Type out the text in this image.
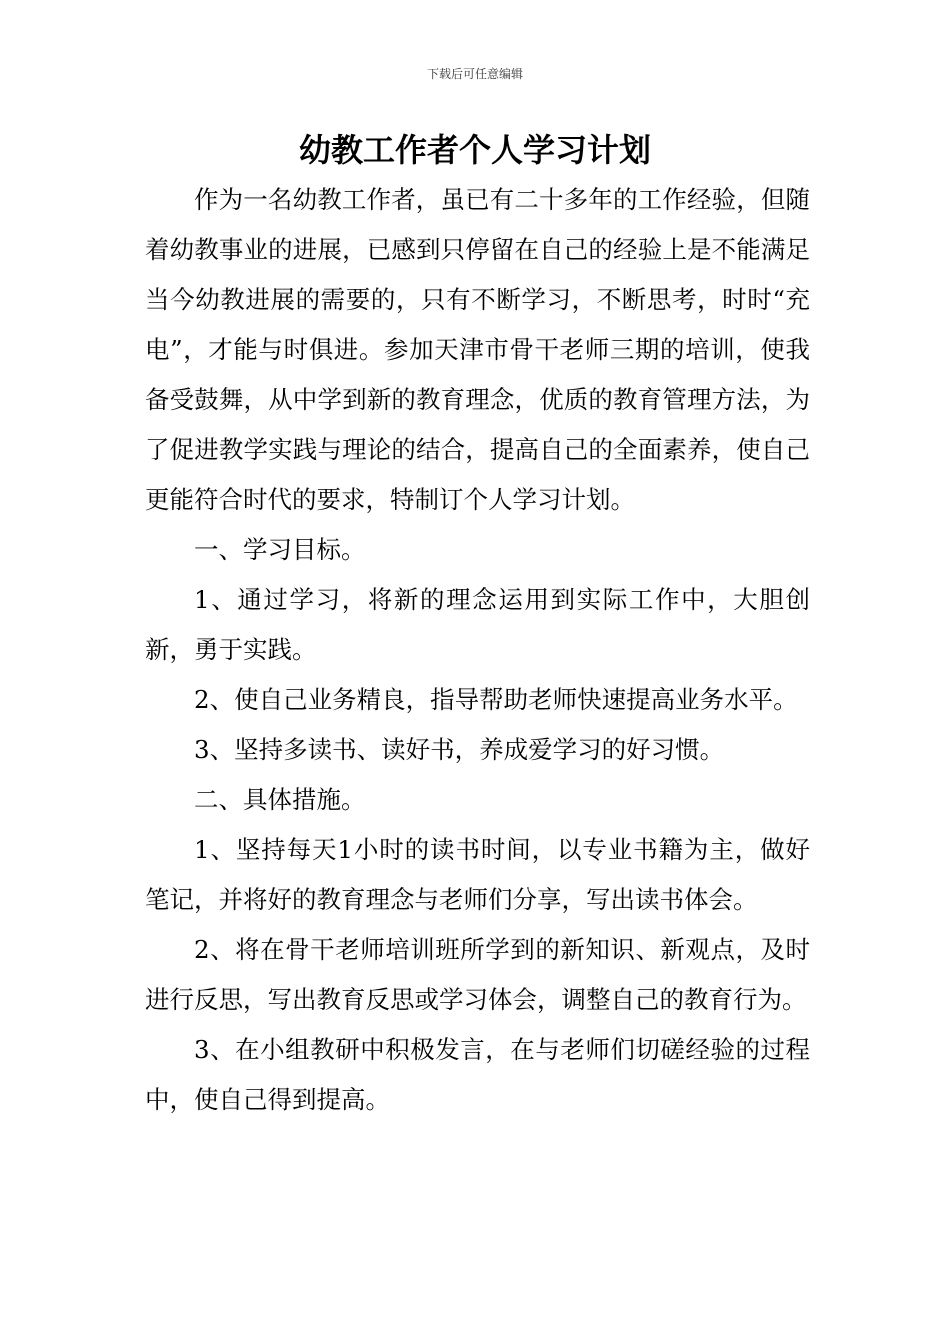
下载后可任意编辑
幼教工作者个人学习计划

作为一名幼教工作者，虽已有二十多年的工作经验，但随着幼教事业的进展，已感到只停留在自己的经验上是不能满足当今幼教进展的需要的，只有不断学习，不断思考，时时“充电”，才能与时俱进。参加天津市骨干老师三期的培训，使我备受鼓舞，从中学到新的教育理念，优质的教育管理方法，为了促进教学实践与理论的结合，提高自己的全面素养，使自己更能符合时代的要求，特制订个人学习计划。

一、学习目标。

1、通过学习，将新的理念运用到实际工作中，大胆创新，勇于实践。

2、使自己业务精良，指导帮助老师快速提高业务水平。

3、坚持多读书、读好书，养成爱学习的好习惯。

二、具体措施。

1、坚持每天1小时的读书时间，以专业书籍为主，做好笔记，并将好的教育理念与老师们分享，写出读书体会。

2、将在骨干老师培训班所学到的新知识、新观点，及时进行反思，写出教育反思或学习体会，调整自己的教育行为。

3、在小组教研中积极发言，在与老师们切磋经验的过程中，使自己得到提高。
